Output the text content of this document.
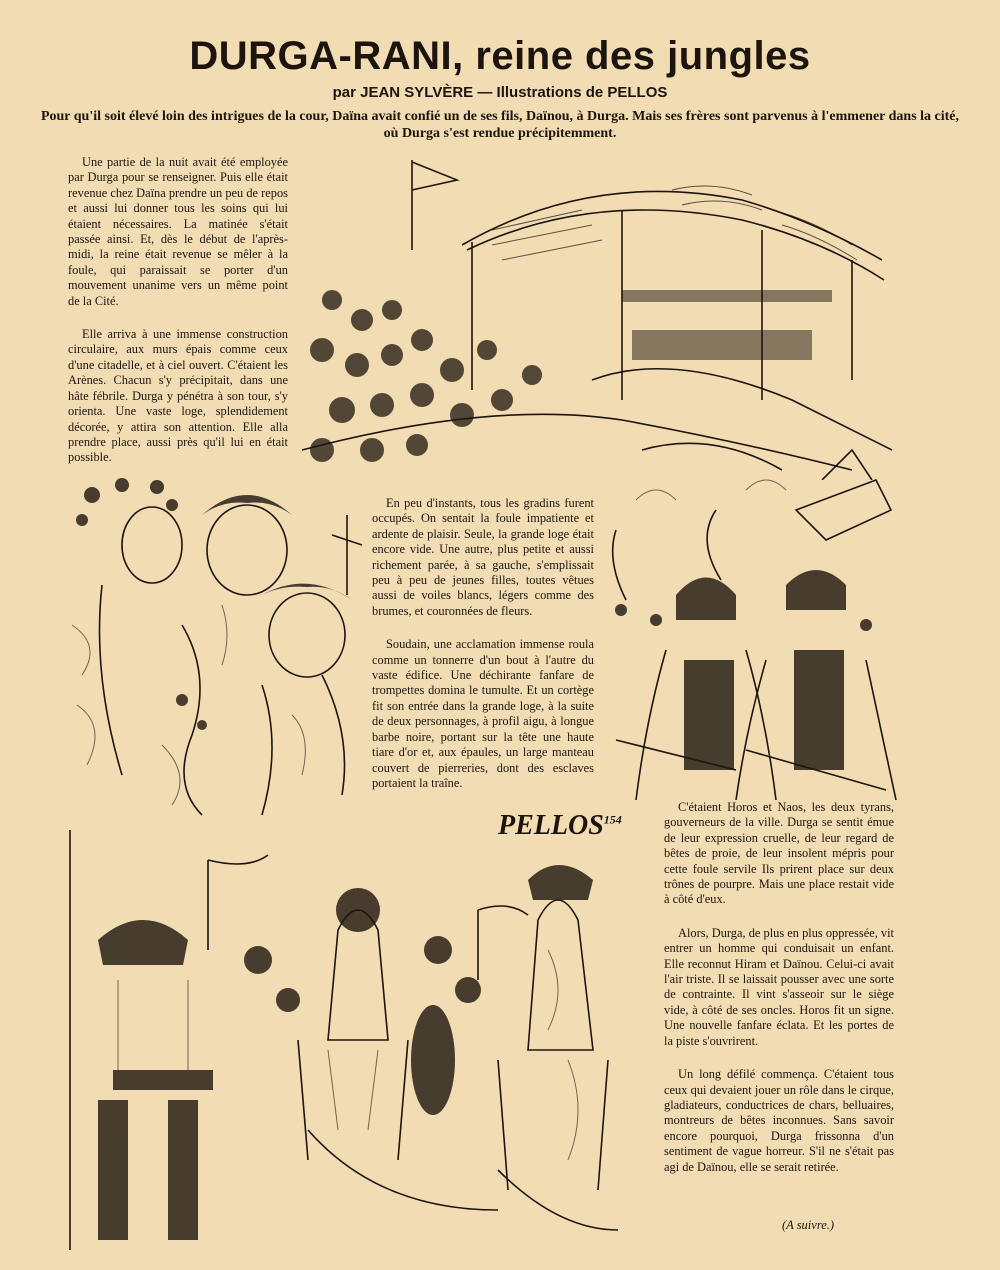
DURGA-RANI, reine des jungles
par JEAN SYLVÈRE — Illustrations de PELLOS
Pour qu'il soit élevé loin des intrigues de la cour, Daïna avait confié un de ses fils, Daïnou, à Durga. Mais ses frères sont parvenus à l'emmener dans la cité, où Durga s'est rendue précipitemment.

Une partie de la nuit avait été employée par Durga pour se renseigner. Puis elle était revenue chez Daïna prendre un peu de repos et aussi lui donner tous les soins qui lui étaient nécessaires. La matinée s'était passée ainsi. Et, dès le début de l'après-midi, la reine était revenue se mêler à la foule, qui paraissait se porter d'un mouvement unanime vers un même point de la Cité.

Elle arriva à une immense construction circulaire, aux murs épais comme ceux d'une citadelle, et à ciel ouvert. C'étaient les Arènes. Chacun s'y précipitait, dans une hâte fébrile. Durga y pénétra à son tour, s'y orienta. Une vaste loge, splendidement décorée, y attira son attention. Elle alla prendre place, aussi près qu'il lui en était possible.

En peu d'instants, tous les gradins furent occupés. On sentait la foule impatiente et ardente de plaisir. Seule, la grande loge était encore vide. Une autre, plus petite et aussi richement parée, à sa gauche, s'emplissait peu à peu de jeunes filles, toutes vêtues aussi de voiles blancs, légers comme des brumes, et couronnées de fleurs.

Soudain, une acclamation immense roula comme un tonnerre d'un bout à l'autre du vaste édifice. Une déchirante fanfare de trompettes domina le tumulte. Et un cortège fit son entrée dans la grande loge, à la suite de deux personnages, à profil aigu, à longue barbe noire, portant sur la tête une haute tiare d'or et, aux épaules, un large manteau couvert de pierreries, dont des esclaves portaient la traîne.

PELLOS$^{154}$

C'étaient Horos et Naos, les deux tyrans, gouverneurs de la ville. Durga se sentit émue de leur expression cruelle, de leur regard de bêtes de proie, de leur insolent mépris pour cette foule servile Ils prirent place sur deux trônes de pourpre. Mais une place restait vide à côté d'eux.

Alors, Durga, de plus en plus oppressée, vit entrer un homme qui conduisait un enfant. Elle reconnut Hiram et Daïnou. Celui-ci avait l'air triste. Il se laissait pousser avec une sorte de contrainte. Il vint s'asseoir sur le siège vide, à côté de ses oncles. Horos fit un signe. Une nouvelle fanfare éclata. Et les portes de la piste s'ouvrirent.

Un long défilé commença. C'étaient tous ceux qui devaient jouer un rôle dans le cirque, gladiateurs, conductrices de chars, belluaires, montreurs de bêtes inconnues. Sans savoir encore pourquoi, Durga frissonna d'un sentiment de vague horreur. S'il ne s'était pas agi de Daïnou, elle se serait retirée.

(A suivre.)
